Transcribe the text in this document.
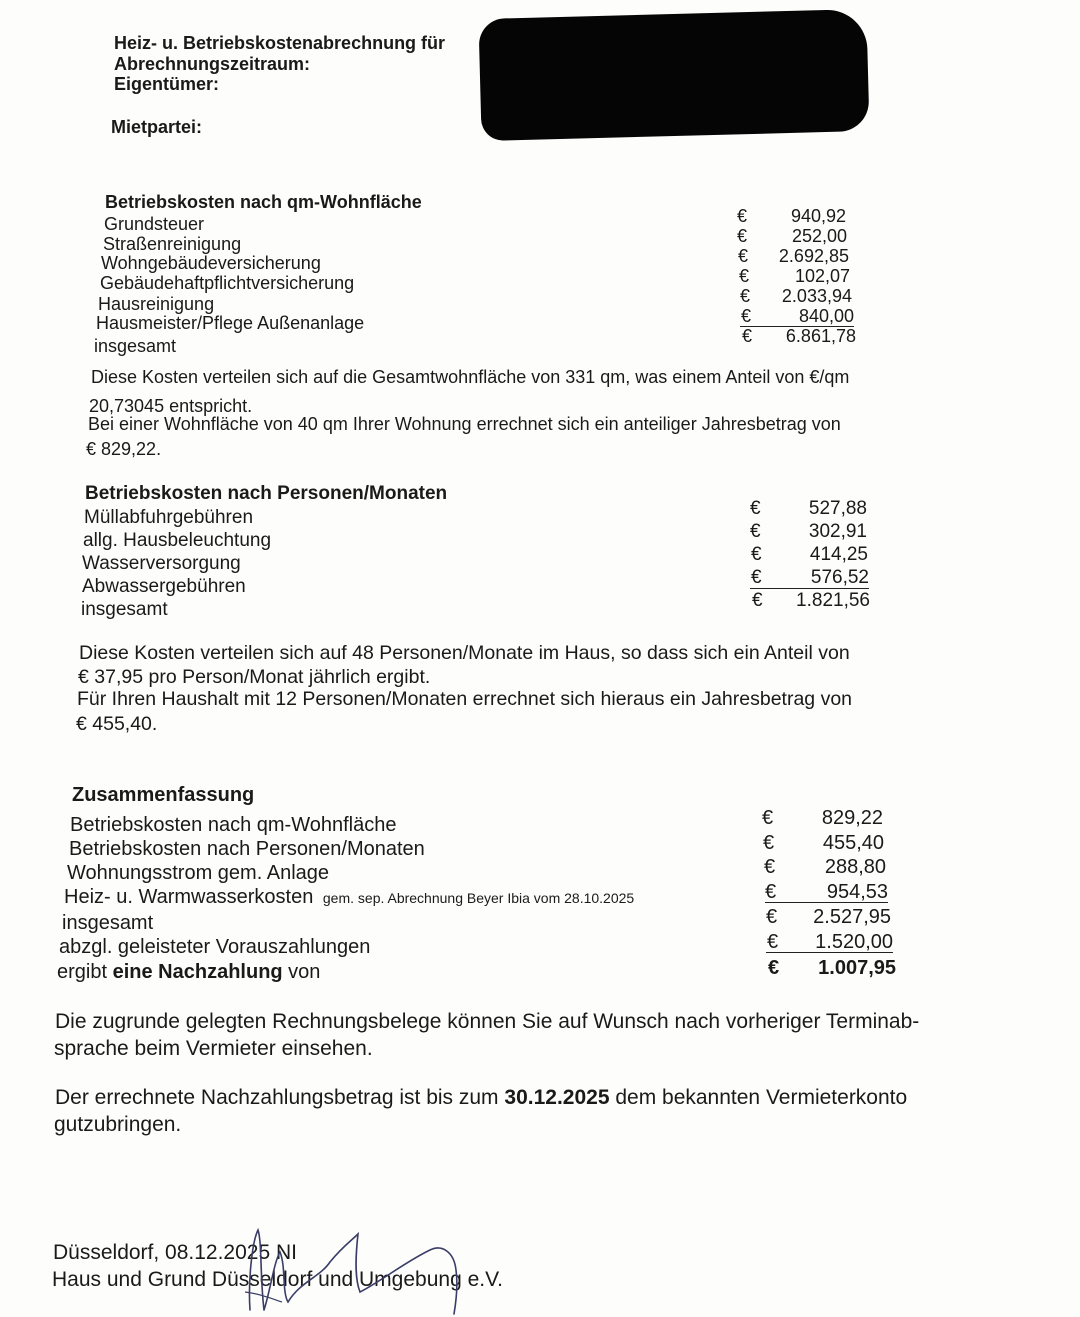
Heiz- u. Betriebskostenabrechnung für
Abrechnungszeitraum:
Eigentümer:
Mietpartei:
Betriebskosten nach qm-Wohnfläche
Grundsteuer
Straßenreinigung
Wohngebäudeversicherung
Gebäudehaftpflichtversicherung
Hausreinigung
Hausmeister/Pflege Außenanlage
insgesamt
€
€
€
€
€
€
€
940,92
252,00
2.692,85
102,07
2.033,94
840,00
6.861,78
Diese Kosten verteilen sich auf die Gesamtwohnfläche von 331 qm, was einem Anteil von €/qm
20,73045 entspricht.
Bei einer Wohnfläche von 40 qm Ihrer Wohnung errechnet sich ein anteiliger Jahresbetrag von
€ 829,22.
Betriebskosten nach Personen/Monaten
Müllabfuhrgebühren
allg. Hausbeleuchtung
Wasserversorgung
Abwassergebühren
insgesamt
€
€
€
€
€
527,88
302,91
414,25
576,52
1.821,56
Diese Kosten verteilen sich auf 48 Personen/Monate im Haus, so dass sich ein Anteil von
€ 37,95 pro Person/Monat jährlich ergibt.
Für Ihren Haushalt mit 12 Personen/Monaten errechnet sich hieraus ein Jahresbetrag von
€ 455,40.
Zusammenfassung
Betriebskosten nach qm-Wohnfläche
Betriebskosten nach Personen/Monaten
Wohnungsstrom gem. Anlage
Heiz- u. Warmwasserkosten gem. sep. Abrechnung Beyer Ibia vom 28.10.2025
insgesamt
abzgl. geleisteter Vorauszahlungen
ergibt eine Nachzahlung von
€
€
€
€
€
€
€
829,22
455,40
288,80
954,53
2.527,95
1.520,00
1.007,95
Die zugrunde gelegten Rechnungsbelege können Sie auf Wunsch nach vorheriger Terminab-
sprache beim Vermieter einsehen.
Der errechnete Nachzahlungsbetrag ist bis zum 30.12.2025 dem bekannten Vermieterkonto
gutzubringen.
Düsseldorf, 08.12.2025 NI
Haus und Grund Düsseldorf und Umgebung e.V.
